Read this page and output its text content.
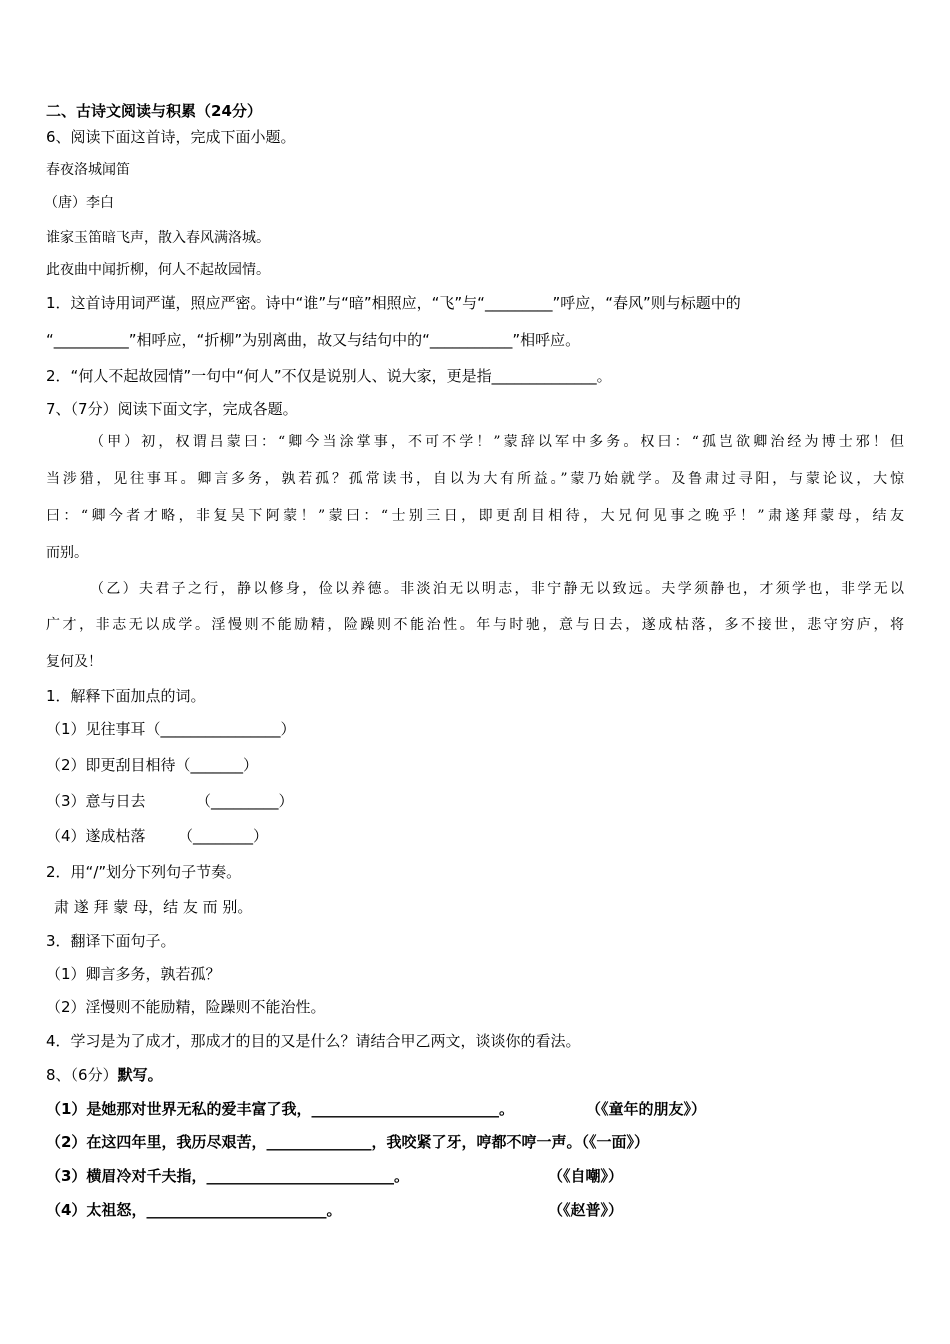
二、古诗文阅读与积累（24分）
6、阅读下面这首诗，完成下面小题。
春夜洛城闻笛
（唐）李白
谁家玉笛暗飞声，散入春风满洛城。
此夜曲中闻折柳，何人不起故园情。
1．这首诗用词严谨，照应严密。诗中“谁”与“暗”相照应，“飞”与“_________”呼应，“春风”则与标题中的
“__________”相呼应，“折柳”为别离曲，故又与结句中的“___________”相呼应。
2．“何人不起故园情”一句中“何人”不仅是说别人、说大家，更是指______________。
7、（7分）阅读下面文字，完成各题。
（甲）初，权谓吕蒙曰：“卿今当涂掌事，不可不学！”蒙辞以军中多务。权曰：“孤岂欲卿治经为博士邪！但
当涉猎，见往事耳。卿言多务，孰若孤？孤常读书，自以为大有所益。”蒙乃始就学。及鲁肃过寻阳，与蒙论议，大惊
曰：“卿今者才略，非复吴下阿蒙！”蒙曰：“士别三日，即更刮目相待，大兄何见事之晚乎！”肃遂拜蒙母，结友
而别。
（乙）夫君子之行，静以修身，俭以养德。非淡泊无以明志，非宁静无以致远。夫学须静也，才须学也，非学无以
广才，非志无以成学。淫慢则不能励精，险躁则不能治性。年与时驰，意与日去，遂成枯落，多不接世，悲守穷庐，将
复何及！
1．解释下面加点的词。
（1）见往事耳（________________）
（2）即更刮目相待（_______）
（3）意与日去	（_________）
（4）遂成枯落 （________）
2．用“/”划分下列句子节奏。
肃 遂 拜 蒙 母，结 友 而 别。
3．翻译下面句子。
（1）卿言多务，孰若孤？
（2）淫慢则不能励精，险躁则不能治性。
4．学习是为了成才，那成才的目的又是什么？请结合甲乙两文，谈谈你的看法。
8、（6分）默写。
（1）是她那对世界无私的爱丰富了我，_________________________。	（《童年的朋友》）
（2）在这四年里，我历尽艰苦，______________，我咬紧了牙，哼都不哼一声。（《一面》）
（3）横眉冷对千夫指，_________________________。	（《自嘲》）
（4）太祖怒，________________________。	（《赵普》）
